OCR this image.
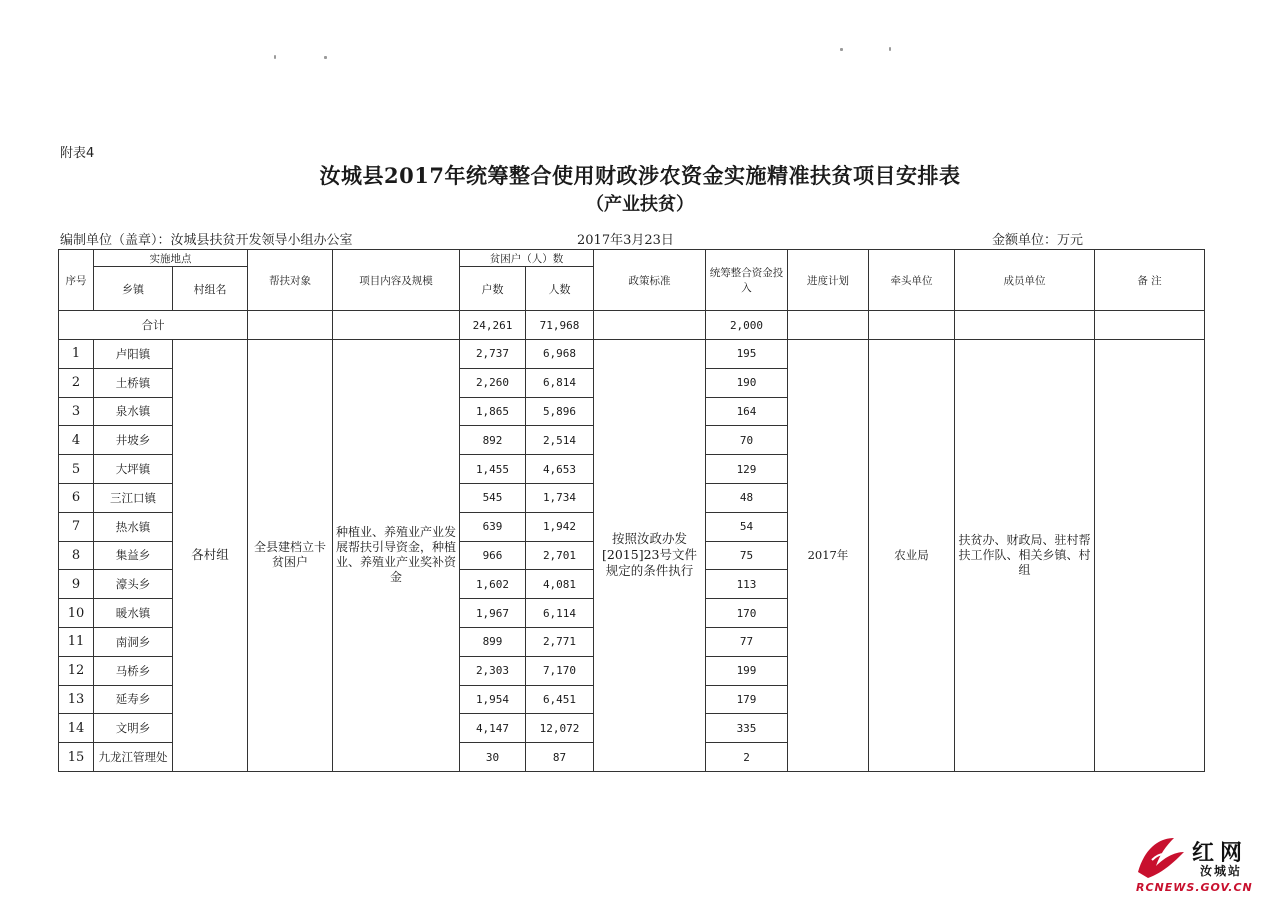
附表4
汝城县2017年统筹整合使用财政涉农资金实施精准扶贫项目安排表
（产业扶贫）
编制单位（盖章）：汝城县扶贫开发领导小组办公室	2017年3月23日	金额单位：万元
序号	实施地点		帮扶对象	项目内容及规模	贫困户（人）数		政策标准	统筹整合资金投入	进度计划	牵头单位	成员单位	备 注
	乡镇	村组名			户数	人数						
合计					24,261	71,968		2,000				
1	卢阳镇	各村组	全县建档立卡贫困户	种植业、养殖业产业发展帮扶引导资金，种植业、养殖业产业奖补资金	2,737	6,968	按照汝政办发[2015]23号文件规定的条件执行	195	2017年	农业局	扶贫办、财政局、驻村帮扶工作队、相关乡镇、村组	
2	土桥镇				2,260	6,814		190				
3	泉水镇				1,865	5,896		164				
4	井坡乡				892	2,514		70				
5	大坪镇				1,455	4,653		129				
6	三江口镇				545	1,734		48				
7	热水镇				639	1,942		54				
8	集益乡				966	2,701		75				
9	濠头乡				1,602	4,081		113				
10	暖水镇				1,967	6,114		170				
11	南洞乡				899	2,771		77				
12	马桥乡				2,303	7,170		199				
13	延寿乡				1,954	6,451		179				
14	文明乡				4,147	12,072		335				
15	九龙江管理处				30	87		2				
红网
汝城站
RCNEWS.GOV.CN
